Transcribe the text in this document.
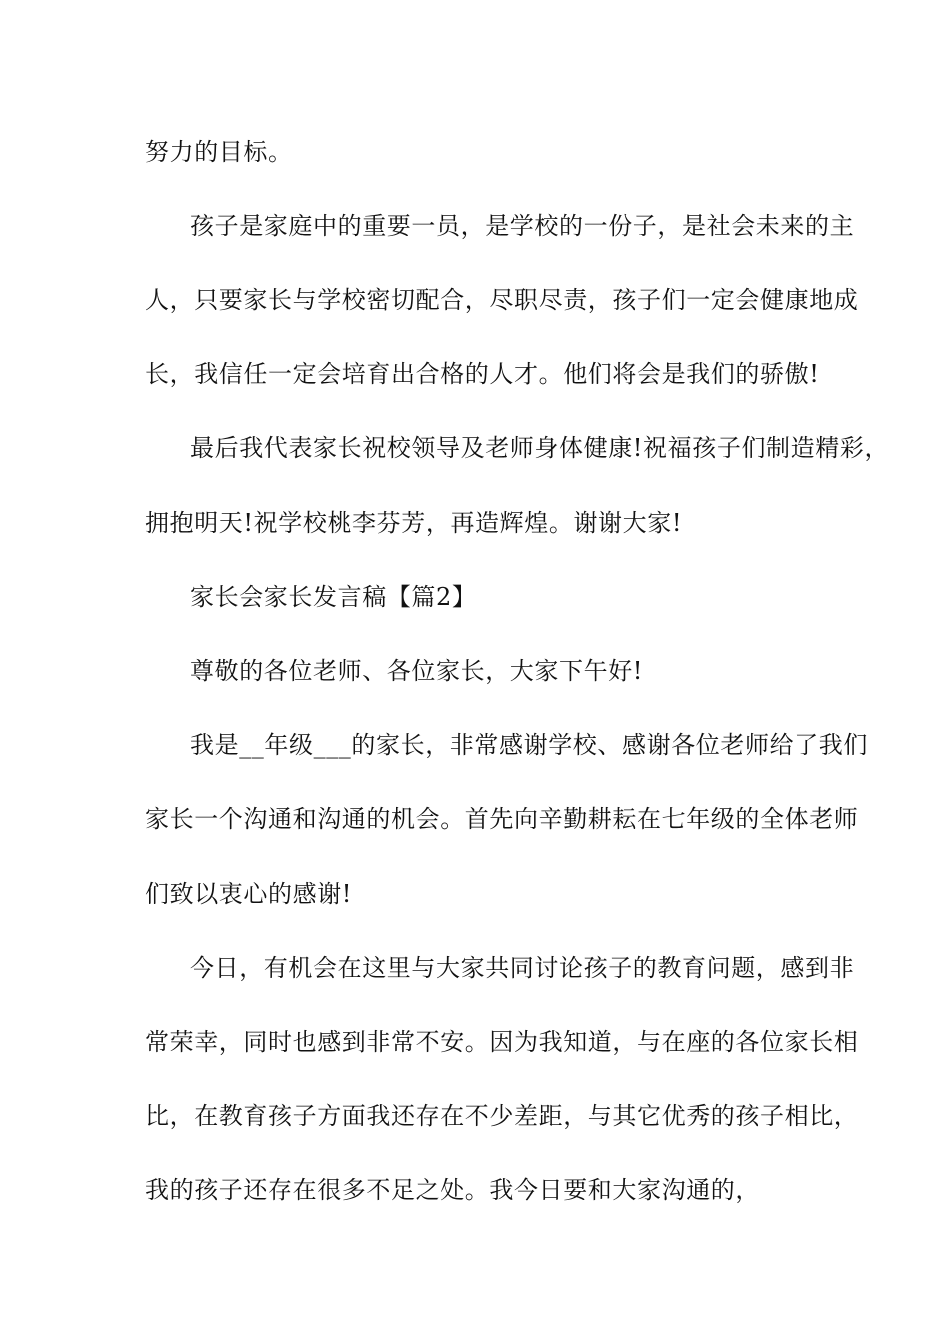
努力的目标。
孩子是家庭中的重要一员，是学校的一份子，是社会未来的主
人，只要家长与学校密切配合，尽职尽责，孩子们一定会健康地成
长，我信任一定会培育出合格的人才。他们将会是我们的骄傲!
最后我代表家长祝校领导及老师身体健康!祝福孩子们制造精彩，
拥抱明天!祝学校桃李芬芳，再造辉煌。谢谢大家!
家长会家长发言稿【篇2】
尊敬的各位老师、各位家长，大家下午好!
我是__年级___的家长，非常感谢学校、感谢各位老师给了我们
家长一个沟通和沟通的机会。首先向辛勤耕耘在七年级的全体老师
们致以衷心的感谢!
今日，有机会在这里与大家共同讨论孩子的教育问题，感到非
常荣幸，同时也感到非常不安。因为我知道，与在座的各位家长相
比，在教育孩子方面我还存在不少差距，与其它优秀的孩子相比，
我的孩子还存在很多不足之处。我今日要和大家沟通的，
